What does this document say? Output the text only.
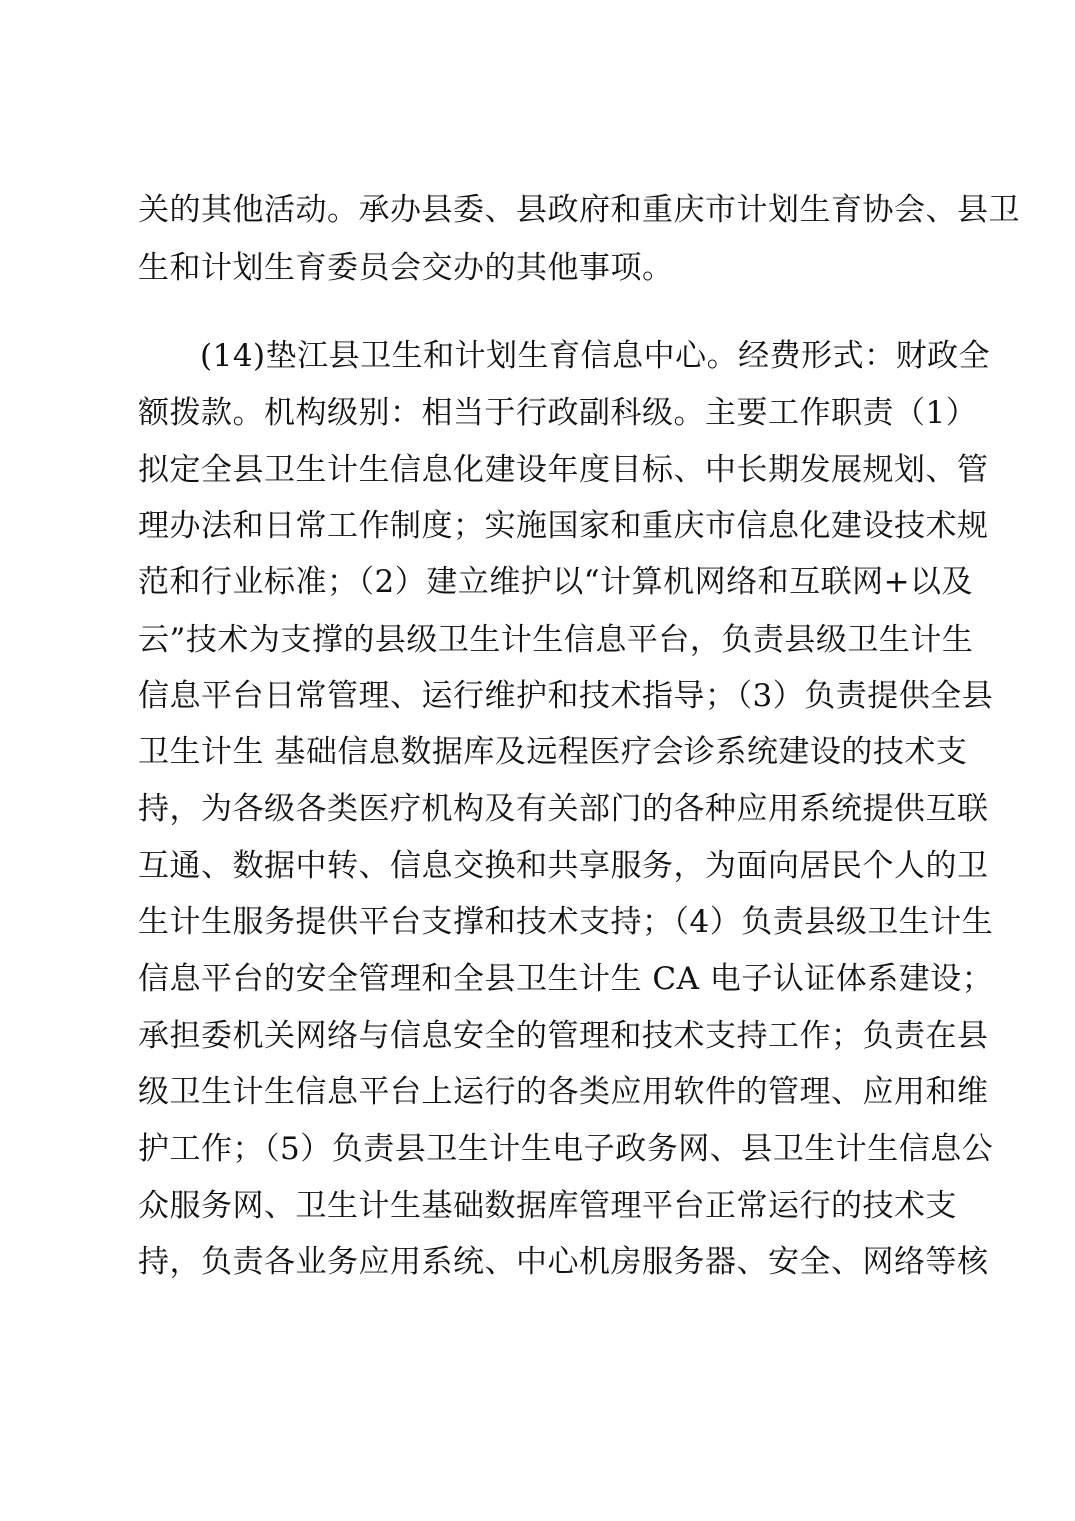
关的其他活动。承办县委、县政府和重庆市计划生育协会、县卫
生和计划生育委员会交办的其他事项。
(14)垫江县卫生和计划生育信息中心。经费形式：财政全
额拨款。机构级别：相当于行政副科级。主要工作职责（1）
拟定全县卫生计生信息化建设年度目标、中长期发展规划、管
理办法和日常工作制度；实施国家和重庆市信息化建设技术规
范和行业标准；（2）建立维护以“计算机网络和互联网+以及
云”技术为支撑的县级卫生计生信息平台，负责县级卫生计生
信息平台日常管理、运行维护和技术指导；（3）负责提供全县
卫生计生 基础信息数据库及远程医疗会诊系统建设的技术支
持，为各级各类医疗机构及有关部门的各种应用系统提供互联
互通、数据中转、信息交换和共享服务，为面向居民个人的卫
生计生服务提供平台支撑和技术支持；（4）负责县级卫生计生
信息平台的安全管理和全县卫生计生 CA 电子认证体系建设；
承担委机关网络与信息安全的管理和技术支持工作；负责在县
级卫生计生信息平台上运行的各类应用软件的管理、应用和维
护工作；（5）负责县卫生计生电子政务网、县卫生计生信息公
众服务网、卫生计生基础数据库管理平台正常运行的技术支
持，负责各业务应用系统、中心机房服务器、安全、网络等核
